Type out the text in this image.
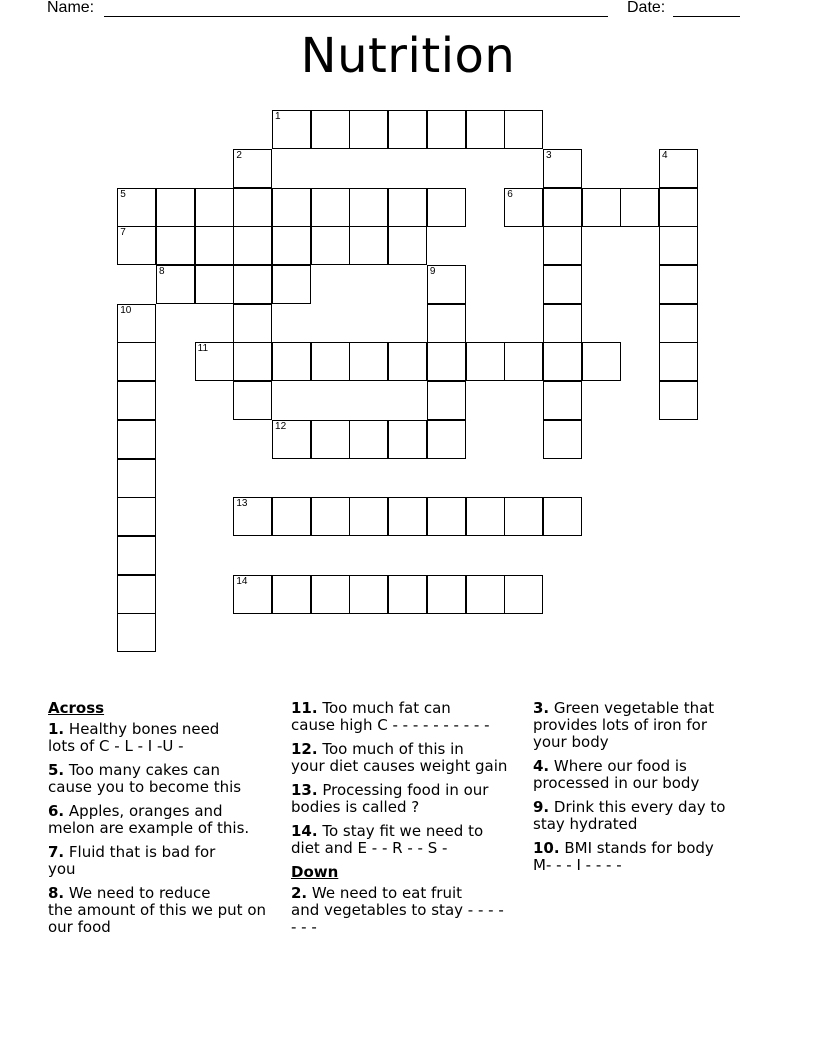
Name:	Date:
Nutrition
1
5	6
7
8
11
12
13
14
2	3	4
9
10
Across
1. Healthy bones need
lots of C - L - I -U -
5. Too many cakes can
cause you to become this
6. Apples, oranges and
melon are example of this.
7. Fluid that is bad for
you
8. We need to reduce
the amount of this we put on
our food
11. Too much fat can
cause high C - - - - - - - - - -
12. Too much of this in
your diet causes weight gain
13. Processing food in our
bodies is called ?
14. To stay fit we need to
diet and E - - R - - S -
Down
2. We need to eat fruit
and vegetables to stay - - - -
- - -
3. Green vegetable that
provides lots of iron for
your body
4. Where our food is
processed in our body
9. Drink this every day to
stay hydrated
10. BMI stands for body
M- - - I - - - -
